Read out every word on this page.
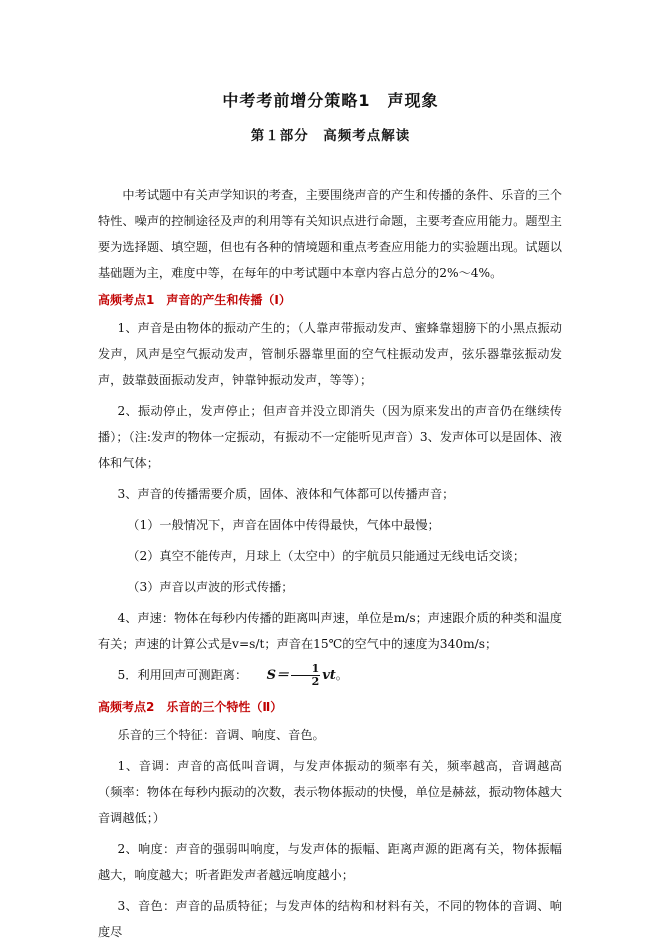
中考考前增分策略1　声现象
第１部分　高频考点解读

中考试题中有关声学知识的考查，主要围绕声音的产生和传播的条件、乐音的三个特性、噪声的控制途径及声的利用等有关知识点进行命题，主要考查应用能力。题型主要为选择题、填空题，但也有各种的情境题和重点考查应用能力的实验题出现。试题以基础题为主，难度中等，在每年的中考试题中本章内容占总分的2%～4%。

高频考点1　声音的产生和传播（Ⅰ）

1、声音是由物体的振动产生的；（人靠声带振动发声、蜜蜂靠翅膀下的小黑点振动发声，风声是空气振动发声，管制乐器靠里面的空气柱振动发声，弦乐器靠弦振动发声，鼓靠鼓面振动发声，钟靠钟振动发声，等等）；

2、振动停止，发声停止；但声音并没立即消失（因为原来发出的声音仍在继续传播）；（注:发声的物体一定振动，有振动不一定能听见声音）3、发声体可以是固体、液体和气体；

3、声音的传播需要介质，固体、液体和气体都可以传播声音；

（1）一般情况下，声音在固体中传得最快，气体中最慢；

（2）真空不能传声，月球上（太空中）的宇航员只能通过无线电话交谈；

（3）声音以声波的形式传播；

4、声速：物体在每秒内传播的距离叫声速，单位是m/s；声速跟介质的种类和温度有关；声速的计算公式是v=s/t；声音在15℃的空气中的速度为340m/s；

5．利用回声可测距离： $S= \frac{1}{2}$ vt。

高频考点2　乐音的三个特性（Ⅱ）

乐音的三个特征：音调、响度、音色。

1、音调：声音的高低叫音调，与发声体振动的频率有关，频率越高，音调越高（频率：物体在每秒内振动的次数，表示物体振动的快慢，单位是赫兹，振动物体越大音调越低；）

2、响度：声音的强弱叫响度，与发声体的振幅、距离声源的距离有关，物体振幅越大，响度越大；听者距发声者越远响度越小；

3、音色：声音的品质特征；与发声体的结构和材料有关，不同的物体的音调、响度尽
